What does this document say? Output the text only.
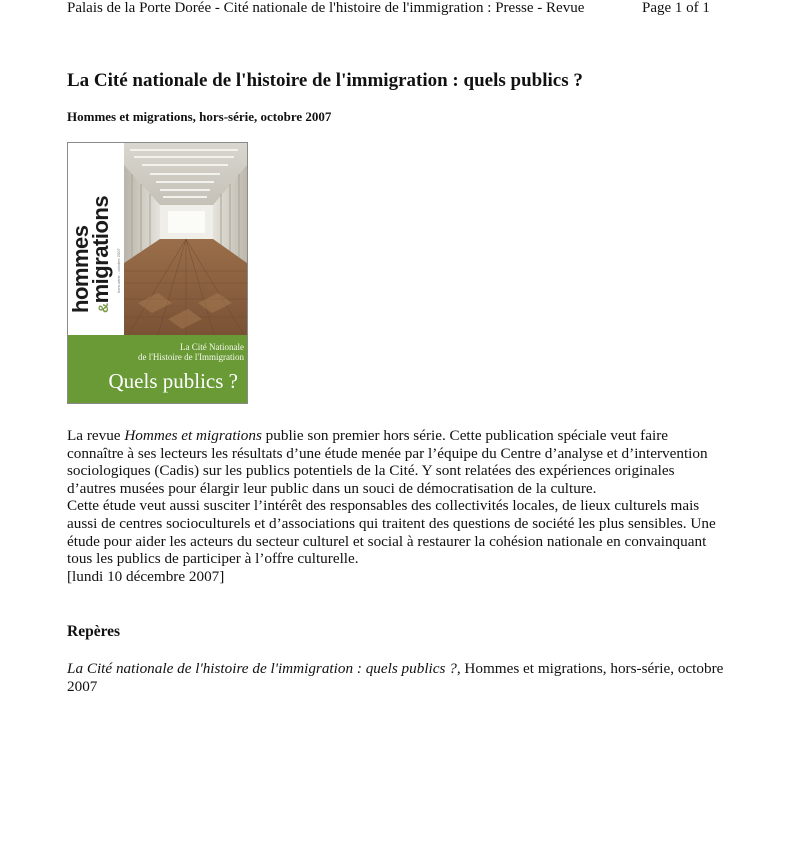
Palais de la Porte Dorée - Cité nationale de l'histoire de l'immigration : Presse - Revue	Page 1 of 1
La Cité nationale de l'histoire de l'immigration : quels publics ?

Hommes et migrations, hors-série, octobre 2007

hors-série - octobre 2007
hommes &migrations
La Cité Nationale
de l'Histoire de l'Immigration
Quels publics ?

La revue Hommes et migrations publie son premier hors série. Cette publication spéciale veut faire connaître à ses lecteurs les résultats d’une étude menée par l’équipe du Centre d’analyse et d’intervention sociologiques (Cadis) sur les publics potentiels de la Cité. Y sont relatées des expériences originales d’autres musées pour élargir leur public dans un souci de démocratisation de la culture.

Cette étude veut aussi susciter l’intérêt des responsables des collectivités locales, de lieux culturels mais aussi de centres socioculturels et d’associations qui traitent des questions de société les plus sensibles. Une étude pour aider les acteurs du secteur culturel et social à restaurer la cohésion nationale en convainquant tous les publics de participer à l’offre culturelle.

[lundi 10 décembre 2007]

Repères

La Cité nationale de l'histoire de l'immigration : quels publics ?, Hommes et migrations, hors-série, octobre 2007
